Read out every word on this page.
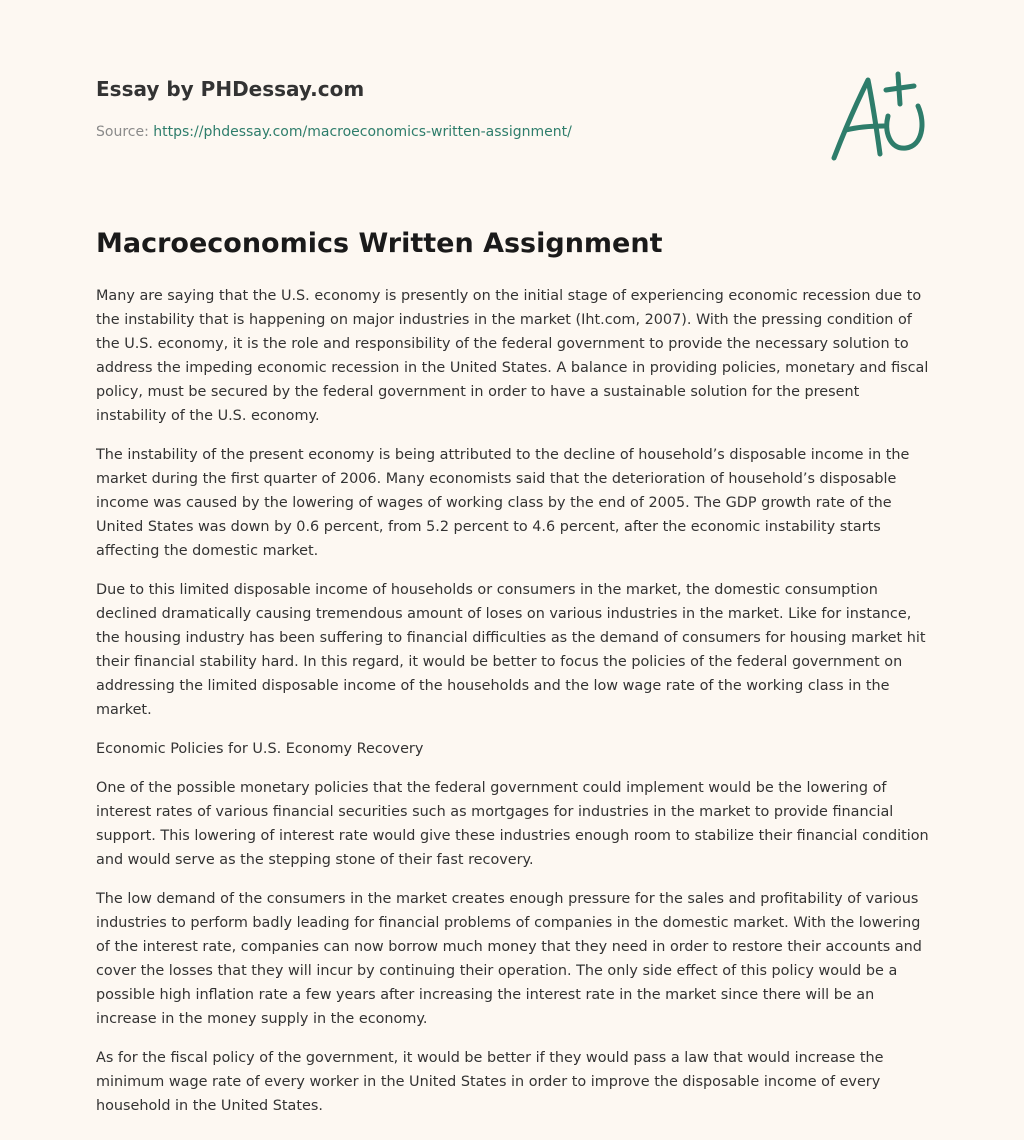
Essay by PHDessay.com
Source: https://phdessay.com/macroeconomics-written-assignment/
Macroeconomics Written Assignment

Many are saying that the U.S. economy is presently on the initial stage of experiencing economic recession due to the instability that is happening on major industries in the market (Iht.com, 2007). With the pressing condition of the U.S. economy, it is the role and responsibility of the federal government to provide the necessary solution to address the impeding economic recession in the United States. A balance in providing policies, monetary and fiscal policy, must be secured by the federal government in order to have a sustainable solution for the present instability of the U.S. economy.

The instability of the present economy is being attributed to the decline of household’s disposable income in the market during the first quarter of 2006. Many economists said that the deterioration of household’s disposable income was caused by the lowering of wages of working class by the end of 2005. The GDP growth rate of the United States was down by 0.6 percent, from 5.2 percent to 4.6 percent, after the economic instability starts affecting the domestic market.

Due to this limited disposable income of households or consumers in the market, the domestic consumption declined dramatically causing tremendous amount of loses on various industries in the market. Like for instance, the housing industry has been suffering to financial difficulties as the demand of consumers for housing market hit their financial stability hard. In this regard, it would be better to focus the policies of the federal government on addressing the limited disposable income of the households and the low wage rate of the working class in the market.

Economic Policies for U.S. Economy Recovery

One of the possible monetary policies that the federal government could implement would be the lowering of interest rates of various financial securities such as mortgages for industries in the market to provide financial support. This lowering of interest rate would give these industries enough room to stabilize their financial condition and would serve as the stepping stone of their fast recovery.

The low demand of the consumers in the market creates enough pressure for the sales and profitability of various industries to perform badly leading for financial problems of companies in the domestic market. With the lowering of the interest rate, companies can now borrow much money that they need in order to restore their accounts and cover the losses that they will incur by continuing their operation. The only side effect of this policy would be a possible high inflation rate a few years after increasing the interest rate in the market since there will be an increase in the money supply in the economy.

As for the fiscal policy of the government, it would be better if they would pass a law that would increase the minimum wage rate of every worker in the United States in order to improve the disposable income of every household in the United States.
